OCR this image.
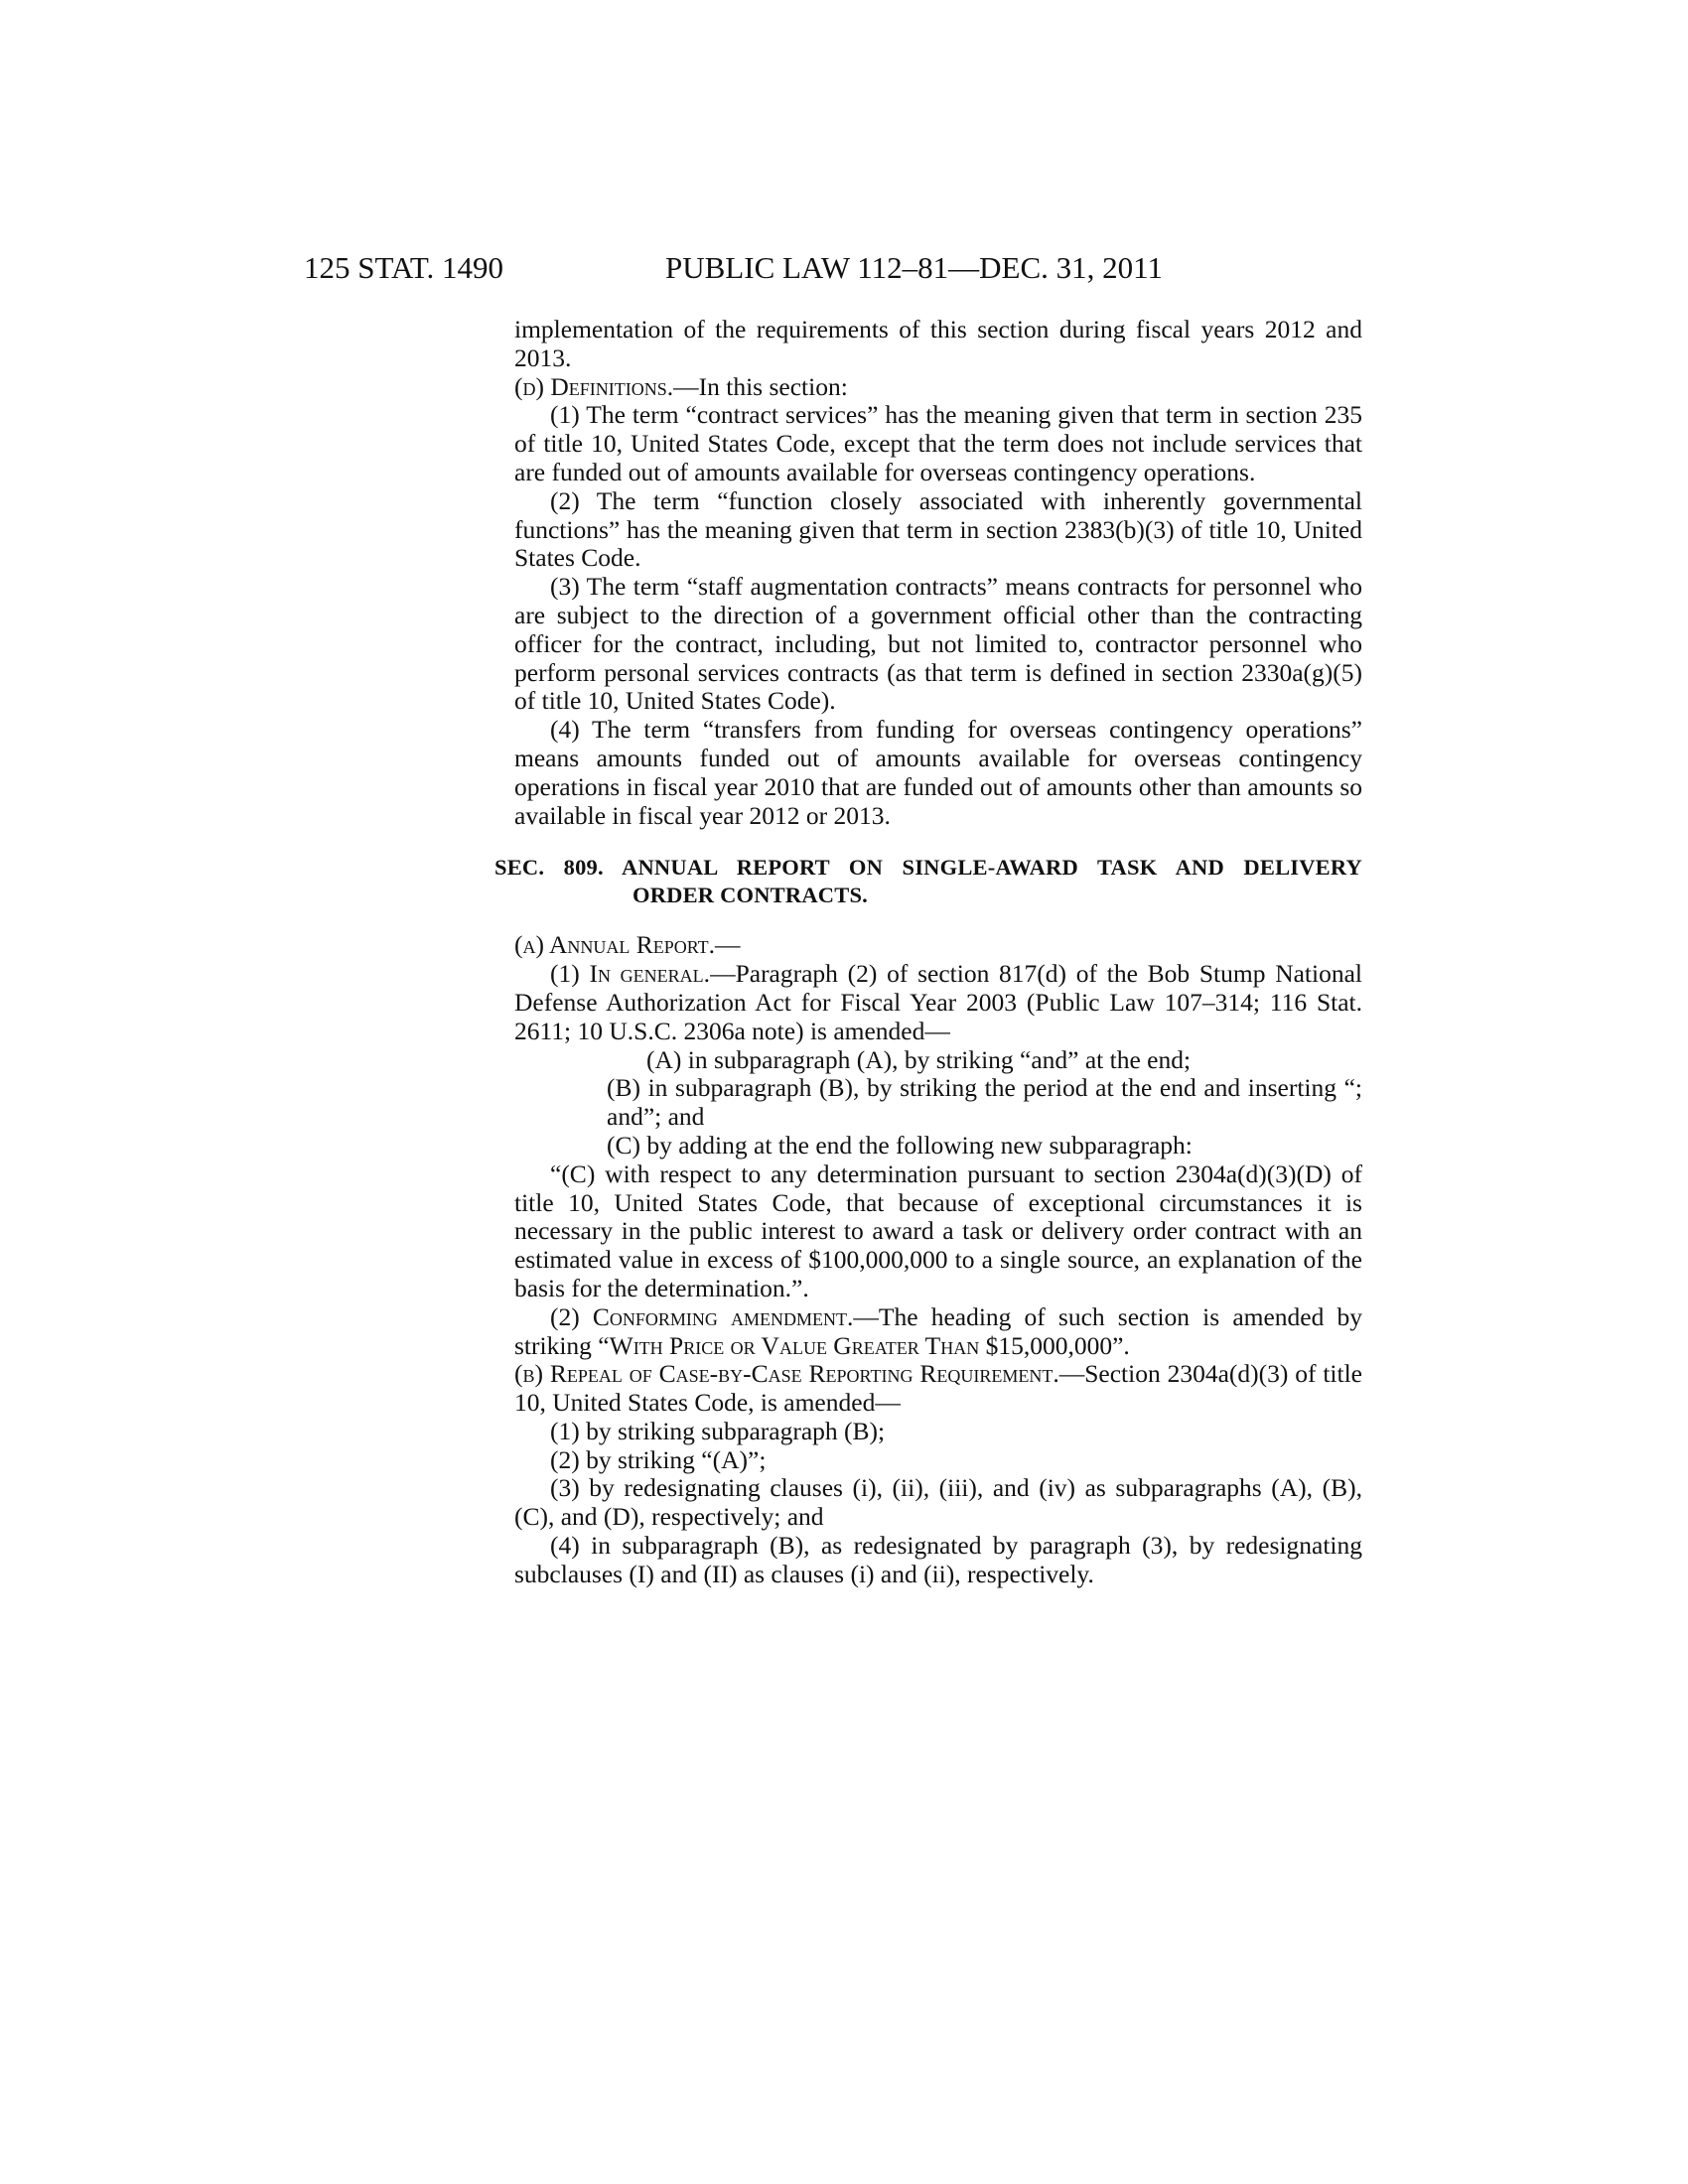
125 STAT. 1490	PUBLIC LAW 112–81—DEC. 31, 2011

implementation of the requirements of this section during fiscal years 2012 and 2013.

(d) Definitions.—In this section:

(1) The term “contract services” has the meaning given that term in section 235 of title 10, United States Code, except that the term does not include services that are funded out of amounts available for overseas contingency operations.

(2) The term “function closely associated with inherently governmental functions” has the meaning given that term in section 2383(b)(3) of title 10, United States Code.

(3) The term “staff augmentation contracts” means contracts for personnel who are subject to the direction of a government official other than the contracting officer for the contract, including, but not limited to, contractor personnel who perform personal services contracts (as that term is defined in section 2330a(g)(5) of title 10, United States Code).

(4) The term “transfers from funding for overseas contingency operations” means amounts funded out of amounts available for overseas contingency operations in fiscal year 2010 that are funded out of amounts other than amounts so available in fiscal year 2012 or 2013.

SEC. 809. ANNUAL REPORT ON SINGLE-AWARD TASK AND DELIVERY
ORDER CONTRACTS.

(a) Annual Report.—

(1) In general.—Paragraph (2) of section 817(d) of the Bob Stump National Defense Authorization Act for Fiscal Year 2003 (Public Law 107–314; 116 Stat. 2611; 10 U.S.C. 2306a note) is amended—

(A) in subparagraph (A), by striking “and” at the end;

(B) in subparagraph (B), by striking the period at the end and inserting “; and”; and

(C) by adding at the end the following new subparagraph:

“(C) with respect to any determination pursuant to section 2304a(d)(3)(D) of title 10, United States Code, that because of exceptional circumstances it is necessary in the public interest to award a task or delivery order contract with an estimated value in excess of $100,000,000 to a single source, an explanation of the basis for the determination.”.

(2) Conforming amendment.—The heading of such section is amended by striking “With Price or Value Greater Than $15,000,000”.

(b) Repeal of Case-by-Case Reporting Requirement.—Section 2304a(d)(3) of title 10, United States Code, is amended—

(1) by striking subparagraph (B);

(2) by striking “(A)”;

(3) by redesignating clauses (i), (ii), (iii), and (iv) as subparagraphs (A), (B), (C), and (D), respectively; and

(4) in subparagraph (B), as redesignated by paragraph (3), by redesignating subclauses (I) and (II) as clauses (i) and (ii), respectively.
